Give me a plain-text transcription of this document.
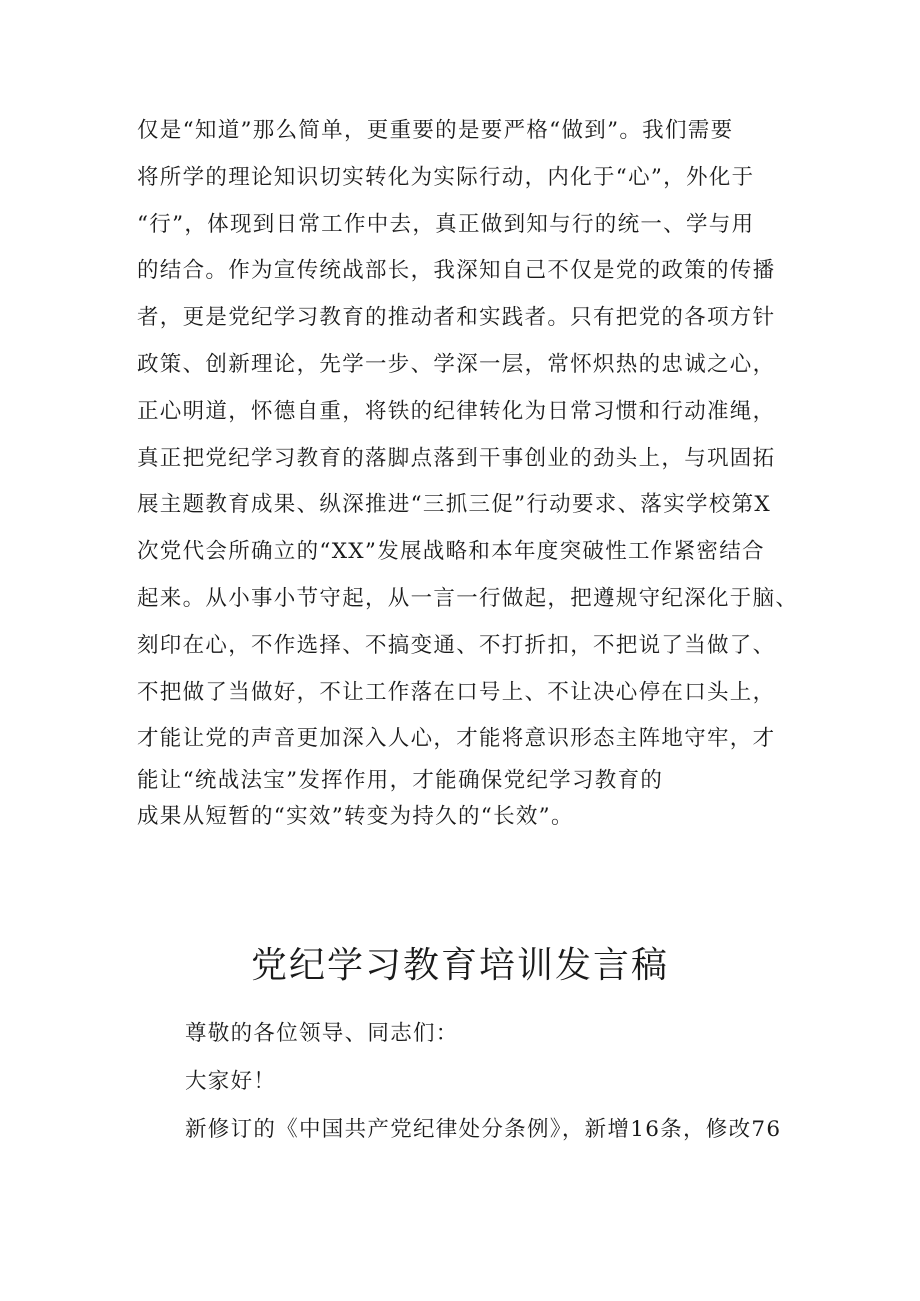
仅是“知道”那么简单，更重要的是要严格“做到”。我们需要
将所学的理论知识切实转化为实际行动，内化于“心”，外化于
“行”，体现到日常工作中去，真正做到知与行的统一、学与用
的结合。作为宣传统战部长，我深知自己不仅是党的政策的传播
者，更是党纪学习教育的推动者和实践者。只有把党的各项方针
政策、创新理论，先学一步、学深一层，常怀炽热的忠诚之心，
正心明道，怀德自重，将铁的纪律转化为日常习惯和行动准绳，
真正把党纪学习教育的落脚点落到干事创业的劲头上，与巩固拓
展主题教育成果、纵深推进“三抓三促”行动要求、落实学校第X
次党代会所确立的“XX”发展战略和本年度突破性工作紧密结合
起来。从小事小节守起，从一言一行做起，把遵规守纪深化于脑、
刻印在心，不作选择、不搞变通、不打折扣，不把说了当做了、
不把做了当做好，不让工作落在口号上、不让决心停在口头上，
才能让党的声音更加深入人心，才能将意识形态主阵地守牢，才
能让“统战法宝”发挥作用，才能确保党纪学习教育的
成果从短暂的“实效”转变为持久的“长效”。
党纪学习教育培训发言稿
尊敬的各位领导、同志们：
大家好！
新修订的《中国共产党纪律处分条例》，新增16条，修改76
